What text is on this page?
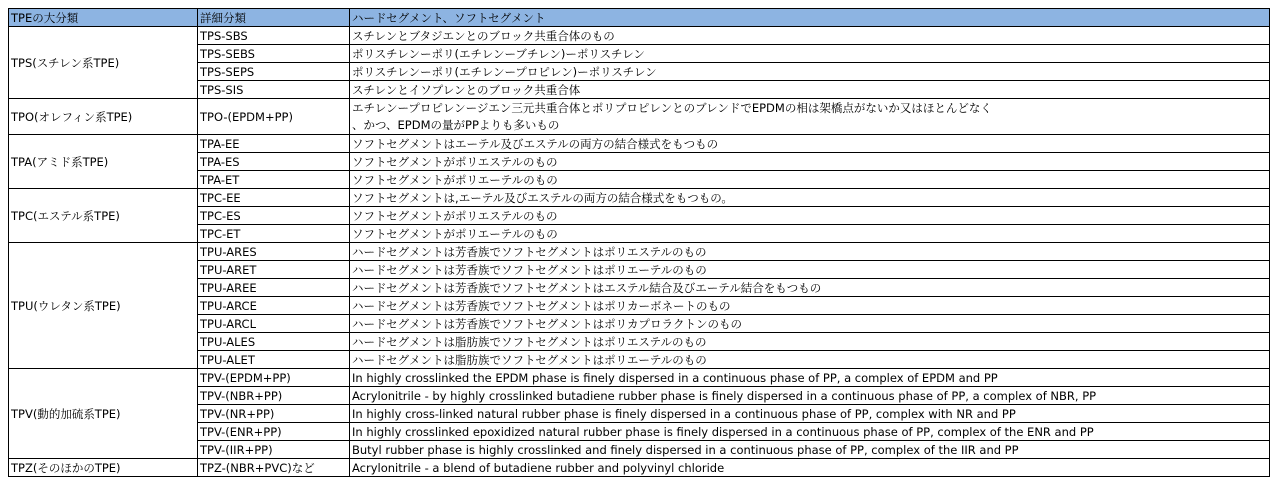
TPEの大分類	詳細分類	ハードセグメント、ソフトセグメント
TPS(スチレン系TPE)	TPS-SBS	スチレンとブタジエンとのブロック共重合体のもの
	TPS-SEBS	ポリスチレンーポリ(エチレンーブチレン)ーポリスチレン
	TPS-SEPS	ポリスチレンーポリ(エチレンープロピレン)ーポリスチレン
	TPS-SIS	スチレンとイソプレンとのブロック共重合体
TPO(オレフィン系TPE)	TPO-(EPDM+PP)	エチレンープロピレンージエン三元共重合体とポリプロピレンとのブレンドでEPDMの相は架橋点がないか又はほとんどなく
、かつ、EPDMの量がPPよりも多いもの

TPA(アミド系TPE)	TPA-EE	ソフトセグメントはエーテル及びエステルの両方の結合様式をもつもの
	TPA-ES	ソフトセグメントがポリエステルのもの
	TPA-ET	ソフトセグメントがポリエーテルのもの
TPC(エステル系TPE)	TPC-EE	ソフトセグメントは,エーテル及びエステルの両方の結合様式をもつもの。
	TPC-ES	ソフトセグメントがポリエステルのもの
	TPC-ET	ソフトセグメントがポリエーテルのもの
TPU(ウレタン系TPE)	TPU-ARES	ハードセグメントは芳香族でソフトセグメントはポリエステルのもの
	TPU-ARET	ハードセグメントは芳香族でソフトセグメントはポリエーテルのもの
	TPU-AREE	ハードセグメントは芳香族でソフトセグメントはエステル結合及びエーテル結合をもつもの
	TPU-ARCE	ハードセグメントは芳香族でソフトセグメントはポリカーボネートのもの
	TPU-ARCL	ハードセグメントは芳香族でソフトセグメントはポリカプロラクトンのもの
	TPU-ALES	ハードセグメントは脂肪族でソフトセグメントはポリエステルのもの
	TPU-ALET	ハードセグメントは脂肪族でソフトセグメントはポリエーテルのもの
TPV(動的加硫系TPE)	TPV-(EPDM+PP)	In highly crosslinked the EPDM phase is finely dispersed in a continuous phase of PP, a complex of EPDM and PP
	TPV-(NBR+PP)	Acrylonitrile - by highly crosslinked butadiene rubber phase is finely dispersed in a continuous phase of PP, a complex of NBR, PP
	TPV-(NR+PP)	In highly cross-linked natural rubber phase is finely dispersed in a continuous phase of PP, complex with NR and PP
	TPV-(ENR+PP)	In highly crosslinked epoxidized natural rubber phase is finely dispersed in a continuous phase of PP, complex of the ENR and PP
	TPV-(IIR+PP)	Butyl rubber phase is highly crosslinked and finely dispersed in a continuous phase of PP, complex of the IIR and PP
TPZ(そのほかのTPE)	TPZ-(NBR+PVC)など	Acrylonitrile - a blend of butadiene rubber and polyvinyl chloride
